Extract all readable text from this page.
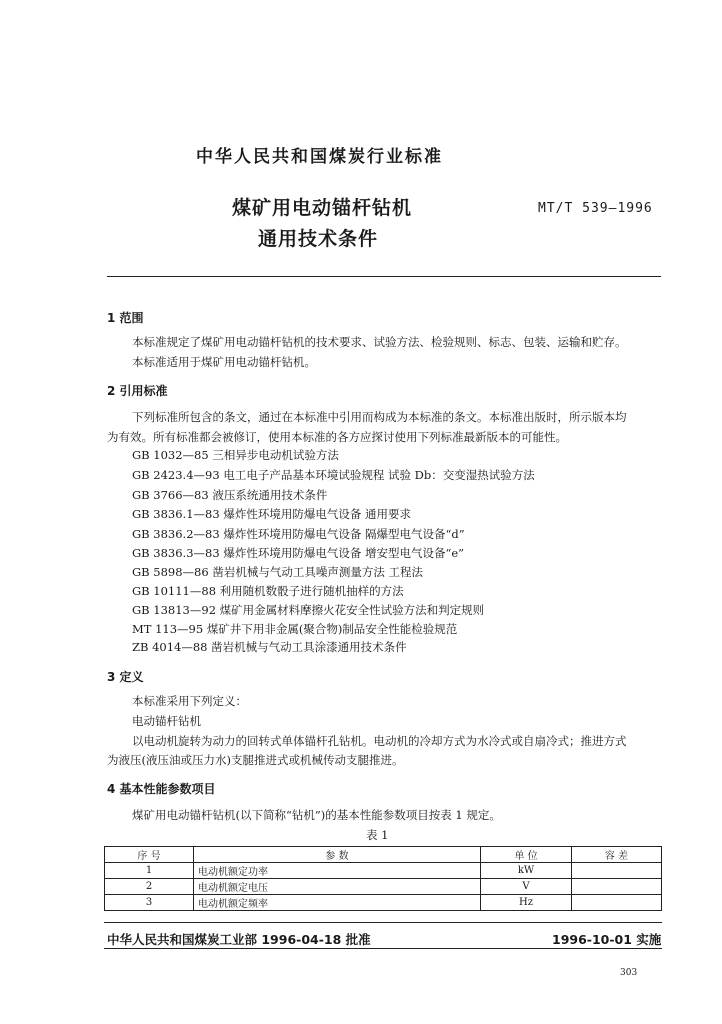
中华人民共和国煤炭行业标准
煤矿用电动锚杆钻机
通用技术条件
MT/T 539—1996
1 范围
本标准规定了煤矿用电动锚杆钻机的技术要求、试验方法、检验规则、标志、包装、运输和贮存。
本标准适用于煤矿用电动锚杆钻机。
2 引用标准
下列标准所包含的条文，通过在本标准中引用而构成为本标准的条文。本标准出版时，所示版本均
为有效。所有标准都会被修订，使用本标准的各方应探讨使用下列标准最新版本的可能性。
GB 1032—85 三相异步电动机试验方法
GB 2423.4—93 电工电子产品基本环境试验规程 试验 Db：交变湿热试验方法
GB 3766—83 液压系统通用技术条件
GB 3836.1—83 爆炸性环境用防爆电气设备 通用要求
GB 3836.2—83 爆炸性环境用防爆电气设备 隔爆型电气设备“d”
GB 3836.3—83 爆炸性环境用防爆电气设备 增安型电气设备“e”
GB 5898—86 凿岩机械与气动工具噪声测量方法 工程法
GB 10111—88 利用随机数骰子进行随机抽样的方法
GB 13813—92 煤矿用金属材料摩擦火花安全性试验方法和判定规则
MT 113—95 煤矿井下用非金属(聚合物)制品安全性能检验规范
ZB 4014—88 凿岩机械与气动工具涂漆通用技术条件
3 定义
本标准采用下列定义：
电动锚杆钻机
以电动机旋转为动力的回转式单体锚杆孔钻机。电动机的冷却方式为水冷式或自扇冷式；推进方式
为液压(液压油或压力水)支腿推进式或机械传动支腿推进。
4 基本性能参数项目
煤矿用电动锚杆钻机(以下简称“钻机”)的基本性能参数项目按表 1 规定。
表 1
序 号	参 数	单 位	容 差
1	电动机额定功率	kW	
2	电动机额定电压	V	
3	电动机额定频率	Hz	
中华人民共和国煤炭工业部 1996-04-18 批准	1996-10-01 实施
303
